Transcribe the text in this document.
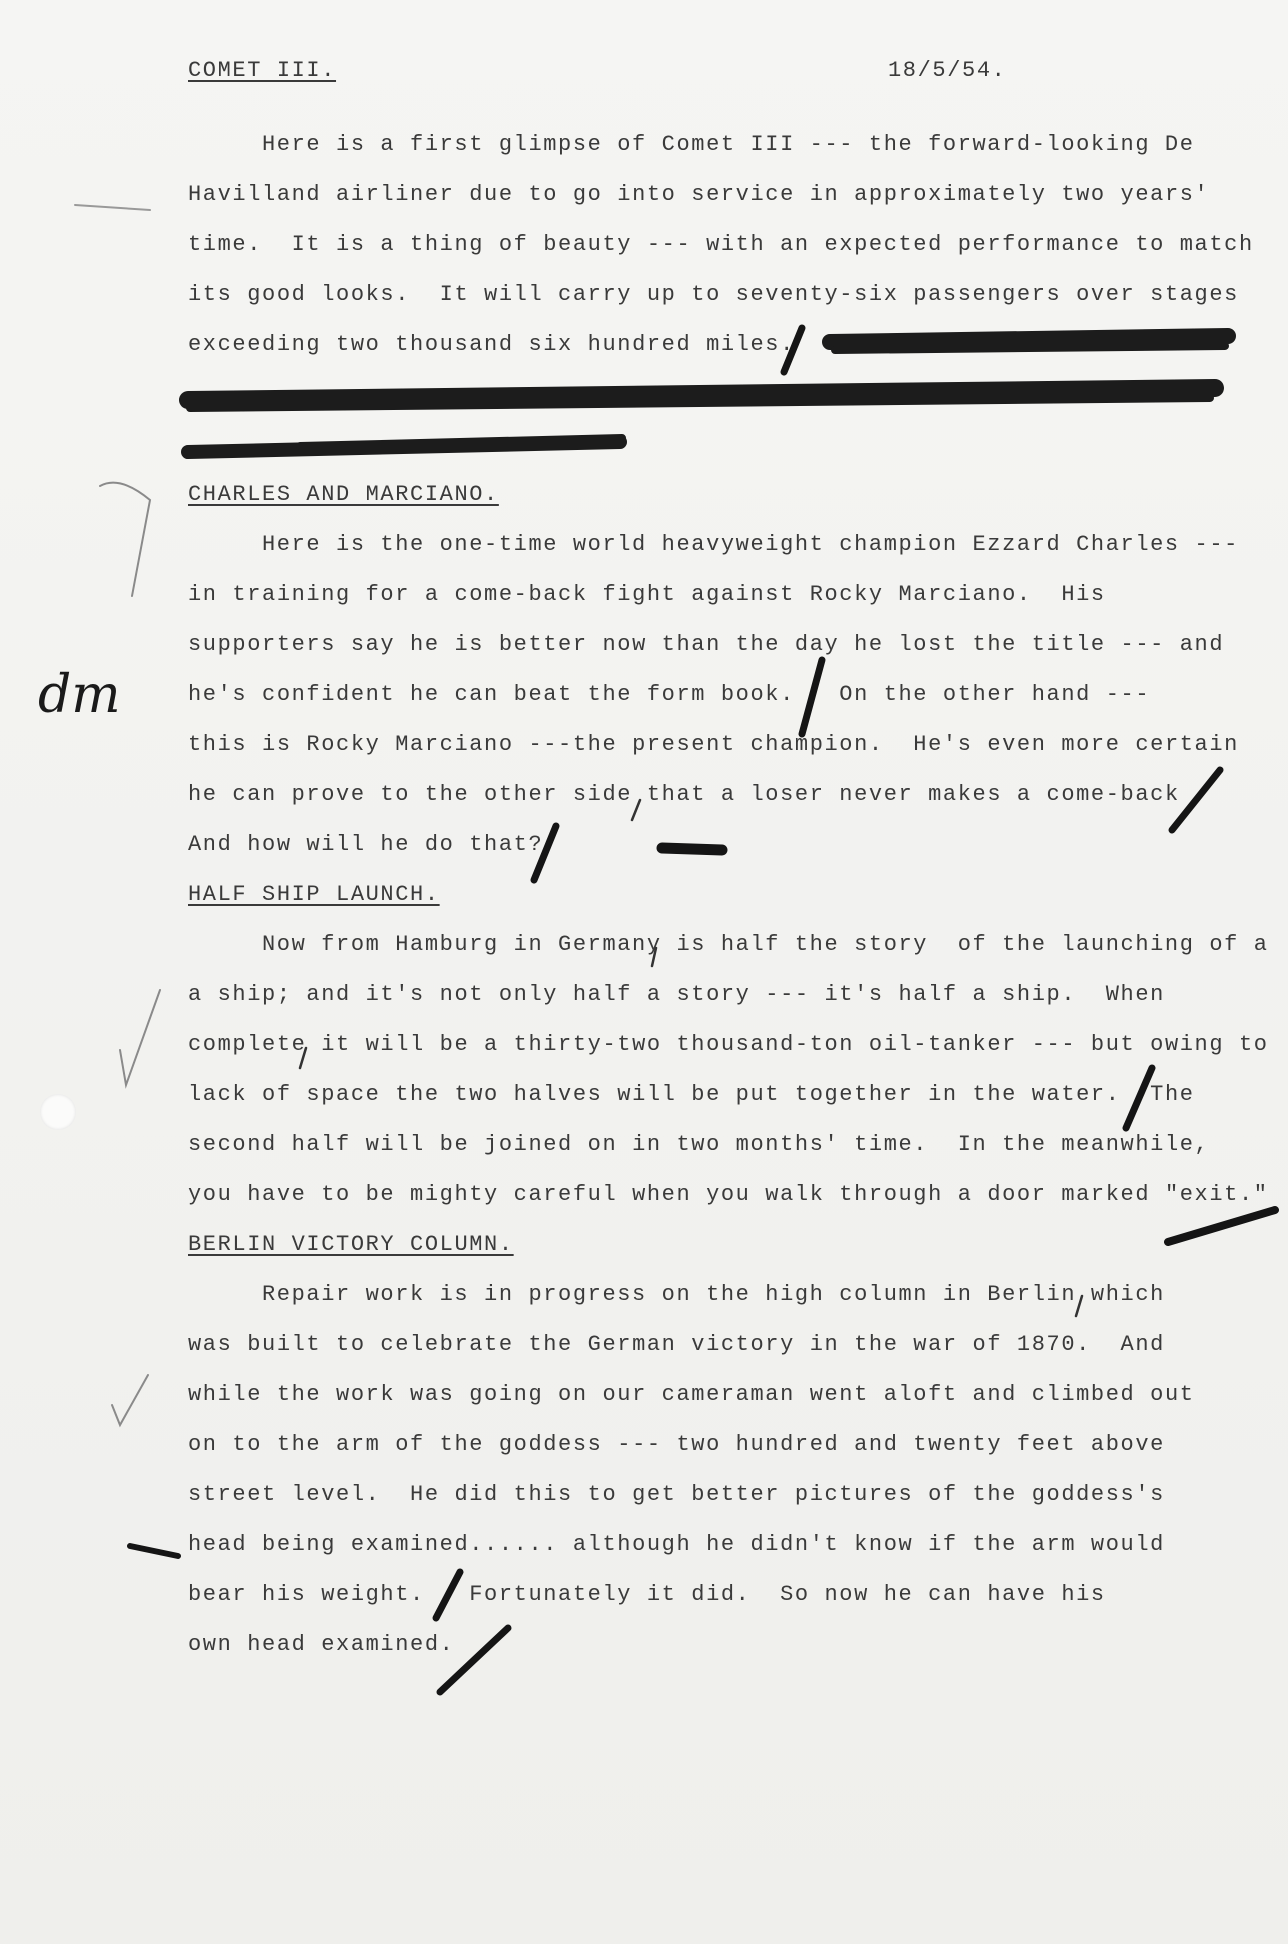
COMET III.	18/5/54.
Here is a first glimpse of Comet III --- the forward-looking De
Havilland airliner due to go into service in approximately two years'
time.  It is a thing of beauty --- with an expected performance to match
its good looks.  It will carry up to seventy-six passengers over stages
exceeding two thousand six hundred miles.
CHARLES AND MARCIANO.
Here is the one-time world heavyweight champion Ezzard Charles ---
in training for a come-back fight against Rocky Marciano.  His
supporters say he is better now than the day he lost the title --- and
he's confident he can beat the form book.   On the other hand ---
this is Rocky Marciano ---the present champion.  He's even more certain
he can prove to the other side that a loser never makes a come-back
And how will he do that?
HALF SHIP LAUNCH.
Now from Hamburg in Germany is half the story  of the launching of a
a ship; and it's not only half a story --- it's half a ship.  When
complete it will be a thirty-two thousand-ton oil-tanker --- but owing to
lack of space the two halves will be put together in the water.  The
second half will be joined on in two months' time.  In the meanwhile,
you have to be mighty careful when you walk through a door marked "exit."
BERLIN VICTORY COLUMN.
Repair work is in progress on the high column in Berlin which
was built to celebrate the German victory in the war of 1870.  And
while the work was going on our cameraman went aloft and climbed out
on to the arm of the goddess --- two hundred and twenty feet above
street level.  He did this to get better pictures of the goddess's
head being examined...... although he didn't know if the arm would
bear his weight.   Fortunately it did.  So now he can have his
own head examined.
dm
